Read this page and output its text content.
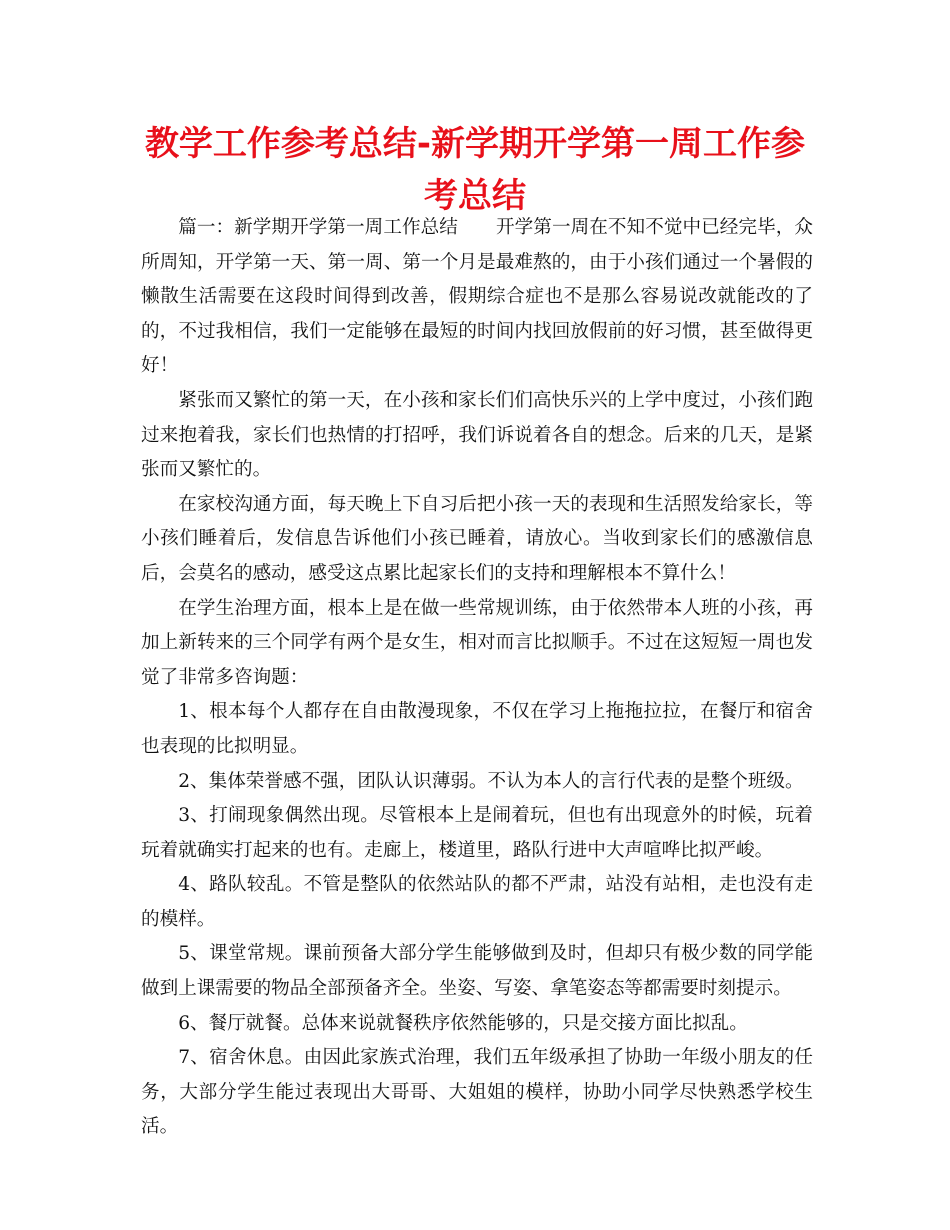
教学工作参考总结-新学期开学第一周工作参考总结

篇一：新学期开学第一周工作总结 开学第一周在不知不觉中已经完毕，众所周知，开学第一天、第一周、第一个月是最难熬的，由于小孩们通过一个暑假的懒散生活需要在这段时间得到改善，假期综合症也不是那么容易说改就能改的了的，不过我相信，我们一定能够在最短的时间内找回放假前的好习惯，甚至做得更好！

紧张而又繁忙的第一天，在小孩和家长们们高快乐兴的上学中度过，小孩们跑过来抱着我，家长们也热情的打招呼，我们诉说着各自的想念。后来的几天，是紧张而又繁忙的。

在家校沟通方面，每天晚上下自习后把小孩一天的表现和生活照发给家长，等小孩们睡着后，发信息告诉他们小孩已睡着，请放心。当收到家长们的感激信息后，会莫名的感动，感受这点累比起家长们的支持和理解根本不算什么！

在学生治理方面，根本上是在做一些常规训练，由于依然带本人班的小孩，再加上新转来的三个同学有两个是女生，相对而言比拟顺手。不过在这短短一周也发觉了非常多咨询题：

1、根本每个人都存在自由散漫现象，不仅在学习上拖拖拉拉，在餐厅和宿舍也表现的比拟明显。

2、集体荣誉感不强，团队认识薄弱。不认为本人的言行代表的是整个班级。

3、打闹现象偶然出现。尽管根本上是闹着玩，但也有出现意外的时候，玩着玩着就确实打起来的也有。走廊上，楼道里，路队行进中大声喧哗比拟严峻。

4、路队较乱。不管是整队的依然站队的都不严肃，站没有站相，走也没有走的模样。

5、课堂常规。课前预备大部分学生能够做到及时，但却只有极少数的同学能做到上课需要的物品全部预备齐全。坐姿、写姿、拿笔姿态等都需要时刻提示。

6、餐厅就餐。总体来说就餐秩序依然能够的，只是交接方面比拟乱。

7、宿舍休息。由因此家族式治理，我们五年级承担了协助一年级小朋友的任务，大部分学生能过表现出大哥哥、大姐姐的模样，协助小同学尽快熟悉学校生活。
